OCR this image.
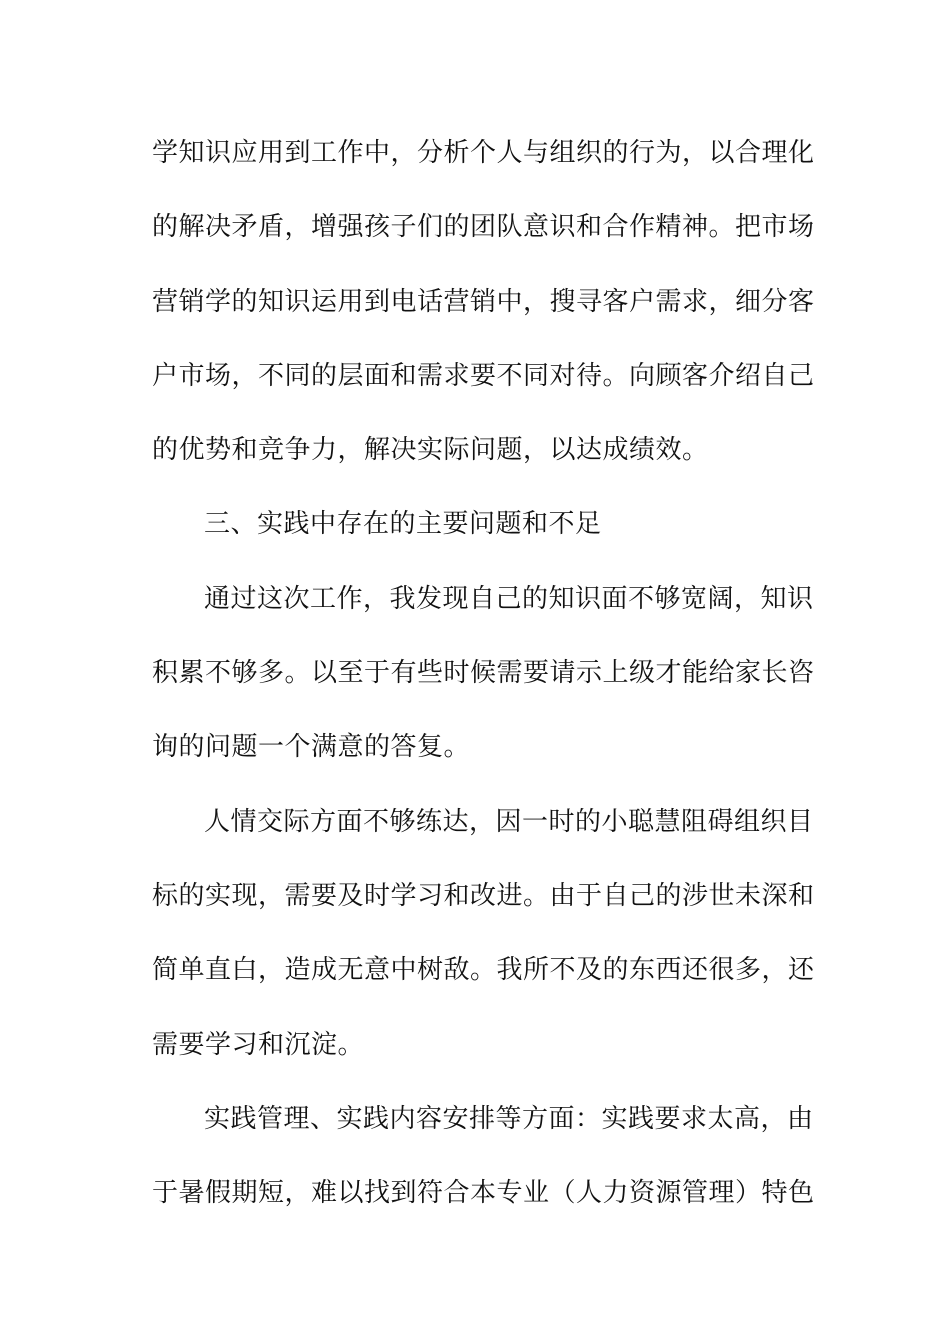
学知识应用到工作中，分析个人与组织的行为，以合理化
的解决矛盾，增强孩子们的团队意识和合作精神。把市场
营销学的知识运用到电话营销中，搜寻客户需求，细分客
户市场，不同的层面和需求要不同对待。向顾客介绍自己
的优势和竞争力，解决实际问题，以达成绩效。
三、实践中存在的主要问题和不足
通过这次工作，我发现自己的知识面不够宽阔，知识
积累不够多。以至于有些时候需要请示上级才能给家长咨
询的问题一个满意的答复。
人情交际方面不够练达，因一时的小聪慧阻碍组织目
标的实现，需要及时学习和改进。由于自己的涉世未深和
简单直白，造成无意中树敌。我所不及的东西还很多，还
需要学习和沉淀。
实践管理、实践内容安排等方面：实践要求太高，由
于暑假期短，难以找到符合本专业（人力资源管理）特色
